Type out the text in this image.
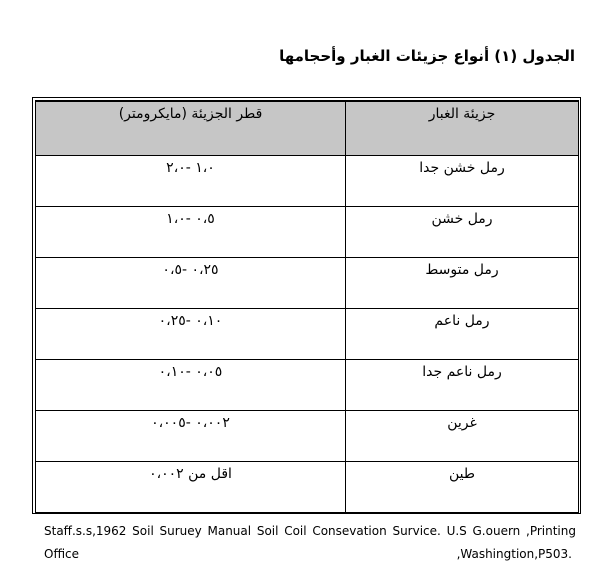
الجدول (١) أنواع جزيئات الغبار وأحجامها
قطر الجزيئة (مايكرومتر)	جزيئة الغبار
١،٠ -٢،٠	رمل خشن جدا
٠،٥ -١،٠	رمل خشن
٠،٢٥ -٠،٥	رمل متوسط
٠،١٠ -٠،٢٥	رمل ناعم
٠،٠٥ -٠،١٠	رمل ناعم جدا
٠،٠٠٢ -٠،٠٠٥	غرين
اقل من ٠،٠٠٢	طين
Staff.s.s,1962 Soil Suruey Manual Soil Coil Consevation Survice. U.S G.ouern ,Printing
Office	,Washingtion,P503.
